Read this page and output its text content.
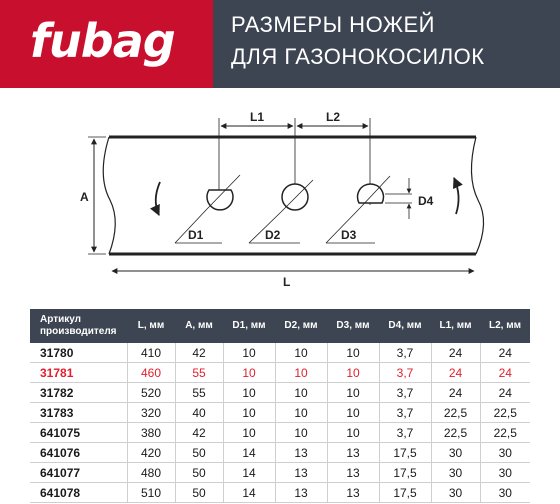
fubag	РАЗМЕРЫ НОЖЕЙ
ДЛЯ ГАЗОНОКОСИЛОК
A
L
L1	L2
D1	D2	D3
D4
Артикул производителя	L, мм	A, мм	D1, мм	D2, мм	D3, мм	D4, мм	L1, мм	L2, мм
31780	410	42	10	10	10	3,7	24	24
31781	460	55	10	10	10	3,7	24	24
31782	520	55	10	10	10	3,7	24	24
31783	320	40	10	10	10	3,7	22,5	22,5
641075	380	42	10	10	10	3,7	22,5	22,5
641076	420	50	14	13	13	17,5	30	30
641077	480	50	14	13	13	17,5	30	30
641078	510	50	14	13	13	17,5	30	30
